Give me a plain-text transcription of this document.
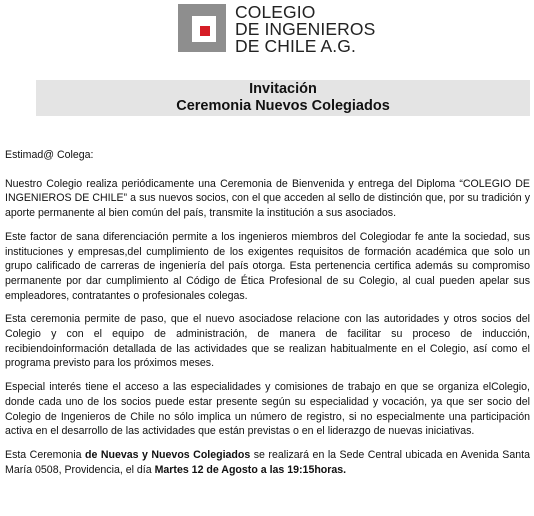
COLEGIO
DE INGENIEROS
DE CHILE A.G.
Invitación
Ceremonia Nuevos Colegiados

Estimad@ Colega:

Nuestro Colegio realiza periódicamente una Ceremonia de Bienvenida y entrega del Diploma “COLEGIO DE INGENIEROS DE CHILE” a sus nuevos socios, con el que acceden al sello de distinción que, por su tradición y aporte permanente al bien común del país, transmite la institución a sus asociados.

Este factor de sana diferenciación permite a los ingenieros miembros del Colegiodar fe ante la sociedad, sus instituciones y empresas,del cumplimiento de los exigentes requisitos de formación académica que solo un grupo calificado de carreras de ingeniería del país otorga. Esta pertenencia certifica además su compromiso permanente por dar cumplimiento al Código de Ética Profesional de su Colegio, al cual pueden apelar sus empleadores, contratantes o profesionales colegas.

Esta ceremonia permite de paso, que el nuevo asociadose relacione con las autoridades y otros socios del Colegio y con el equipo de administración, de manera de facilitar su proceso de inducción, recibiendoinformación detallada de las actividades que se realizan habitualmente en el Colegio, así como el programa previsto para los próximos meses.

Especial interés tiene el acceso a las especialidades y comisiones de trabajo en que se organiza elColegio, donde cada uno de los socios puede estar presente según su especialidad y vocación, ya que ser socio del Colegio de Ingenieros de Chile no sólo implica un número de registro, si no especialmente una participación activa en el desarrollo de las actividades que están previstas o en el liderazgo de nuevas iniciativas.

Esta Ceremonia de Nuevas y Nuevos Colegiados se realizará en la Sede Central ubicada en Avenida Santa María 0508, Providencia, el día Martes 12 de Agosto a las 19:15horas.
